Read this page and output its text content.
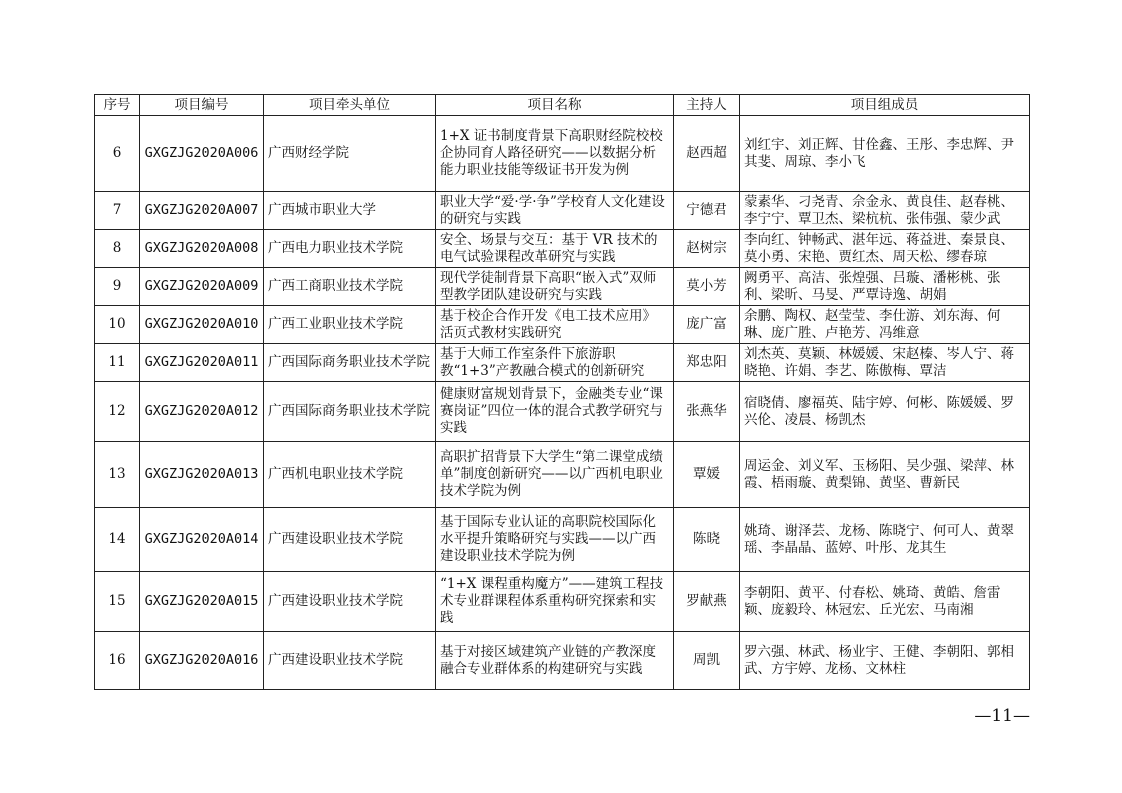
序号	项目编号	项目牵头单位	项目名称	主持人	项目组成员
6	GXGZJG2020A006	广西财经学院	1+X 证书制度背景下高职财经院校校企协同育人路径研究——以数据分析能力职业技能等级证书开发为例	赵西超	刘红宇、刘正辉、甘佺鑫、王彤、李忠辉、尹其斐、周琼、李小飞
7	GXGZJG2020A007	广西城市职业大学	职业大学“爱·学·争”学校育人文化建设的研究与实践	宁德君	蒙素华、刁尧青、佘金永、黄良佳、赵春桃、李宁宁、覃卫杰、梁杭杭、张伟强、蒙少武
8	GXGZJG2020A008	广西电力职业技术学院	安全、场景与交互：基于 VR 技术的电气试验课程改革研究与实践	赵树宗	李向红、钟畅武、湛年远、蒋益进、秦景良、莫小勇、宋艳、贾红杰、周天松、缪春琼
9	GXGZJG2020A009	广西工商职业技术学院	现代学徒制背景下高职“嵌入式”双师型教学团队建设研究与实践	莫小芳	阙勇平、高洁、张煌强、吕璇、潘彬桃、张利、梁昕、马旻、严覃诗逸、胡娟
10	GXGZJG2020A010	广西工业职业技术学院	基于校企合作开发《电工技术应用》活页式教材实践研究	庞广富	余鹏、陶权、赵莹莹、李仕游、刘东海、何琳、庞广胜、卢艳芳、冯维意
11	GXGZJG2020A011	广西国际商务职业技术学院	基于大师工作室条件下旅游职教“1+3”产教融合模式的创新研究	郑忠阳	刘杰英、莫颖、林媛媛、宋赵榛、岑人宁、蒋晓艳、许娟、李艺、陈傲梅、覃洁
12	GXGZJG2020A012	广西国际商务职业技术学院	健康财富规划背景下，金融类专业“课赛岗证”四位一体的混合式教学研究与实践	张燕华	宿晓倩、廖福英、陆宇婷、何彬、陈媛媛、罗兴伦、凌晨、杨凯杰
13	GXGZJG2020A013	广西机电职业技术学院	高职扩招背景下大学生“第二课堂成绩单”制度创新研究——以广西机电职业技术学院为例	覃媛	周运金、刘义军、玉杨阳、吴少强、梁萍、林霞、梧雨璇、黄梨锦、黄坚、曹新民
14	GXGZJG2020A014	广西建设职业技术学院	基于国际专业认证的高职院校国际化水平提升策略研究与实践——以广西建设职业技术学院为例	陈晓	姚琦、谢泽芸、龙杨、陈晓宁、何可人、黄翠瑶、李晶晶、蓝婷、叶彤、龙其生
15	GXGZJG2020A015	广西建设职业技术学院	“1+X 课程重构魔方”——建筑工程技术专业群课程体系重构研究探索和实践	罗献燕	李朝阳、黄平、付春松、姚琦、黄皓、詹雷颖、庞毅玲、林冠宏、丘光宏、马南湘
16	GXGZJG2020A016	广西建设职业技术学院	基于对接区域建筑产业链的产教深度融合专业群体系的构建研究与实践	周凯	罗六强、林武、杨业宇、王健、李朝阳、郭相武、方宇婷、龙杨、文林柱
—11—
